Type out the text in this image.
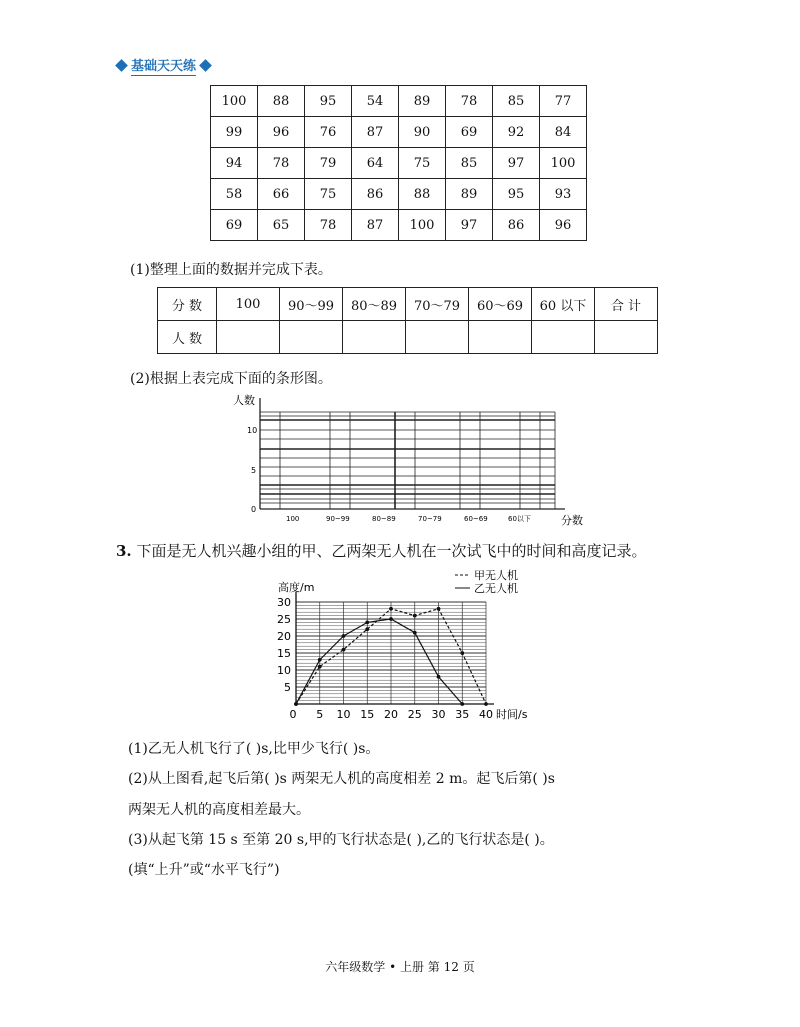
基础天天练
100	88	95	54	89	78	85	77
99	96	76	87	90	69	92	84
94	78	79	64	75	85	97	100
58	66	75	86	88	89	95	93
69	65	78	87	100	97	86	96
(1)整理上面的数据并完成下表。
分 数	100	90～99	80～89	70～79	60～69	60 以下	合 计
人 数							
(2)根据上表完成下面的条形图。
人数
10
5
0
100	90~99	80~89	70~79	60~69	60以下	分数
3. 下面是无人机兴趣小组的甲、乙两架无人机在一次试飞中的时间和高度记录。
5
10
15
20
25
30
5 10 15 20 25 30 35 40
0
高度/m
时间/s
甲无人机
乙无人机
(1)乙无人机飞行了( )s,比甲少飞行( )s。
(2)从上图看,起飞后第( )s 两架无人机的高度相差 2 m。起飞后第( )s
两架无人机的高度相差最大。
(3)从起飞第 15 s 至第 20 s,甲的飞行状态是( ),乙的飞行状态是( )。
(填“上升”或“水平飞行”)
六年级数学 • 上册 第 12 页
